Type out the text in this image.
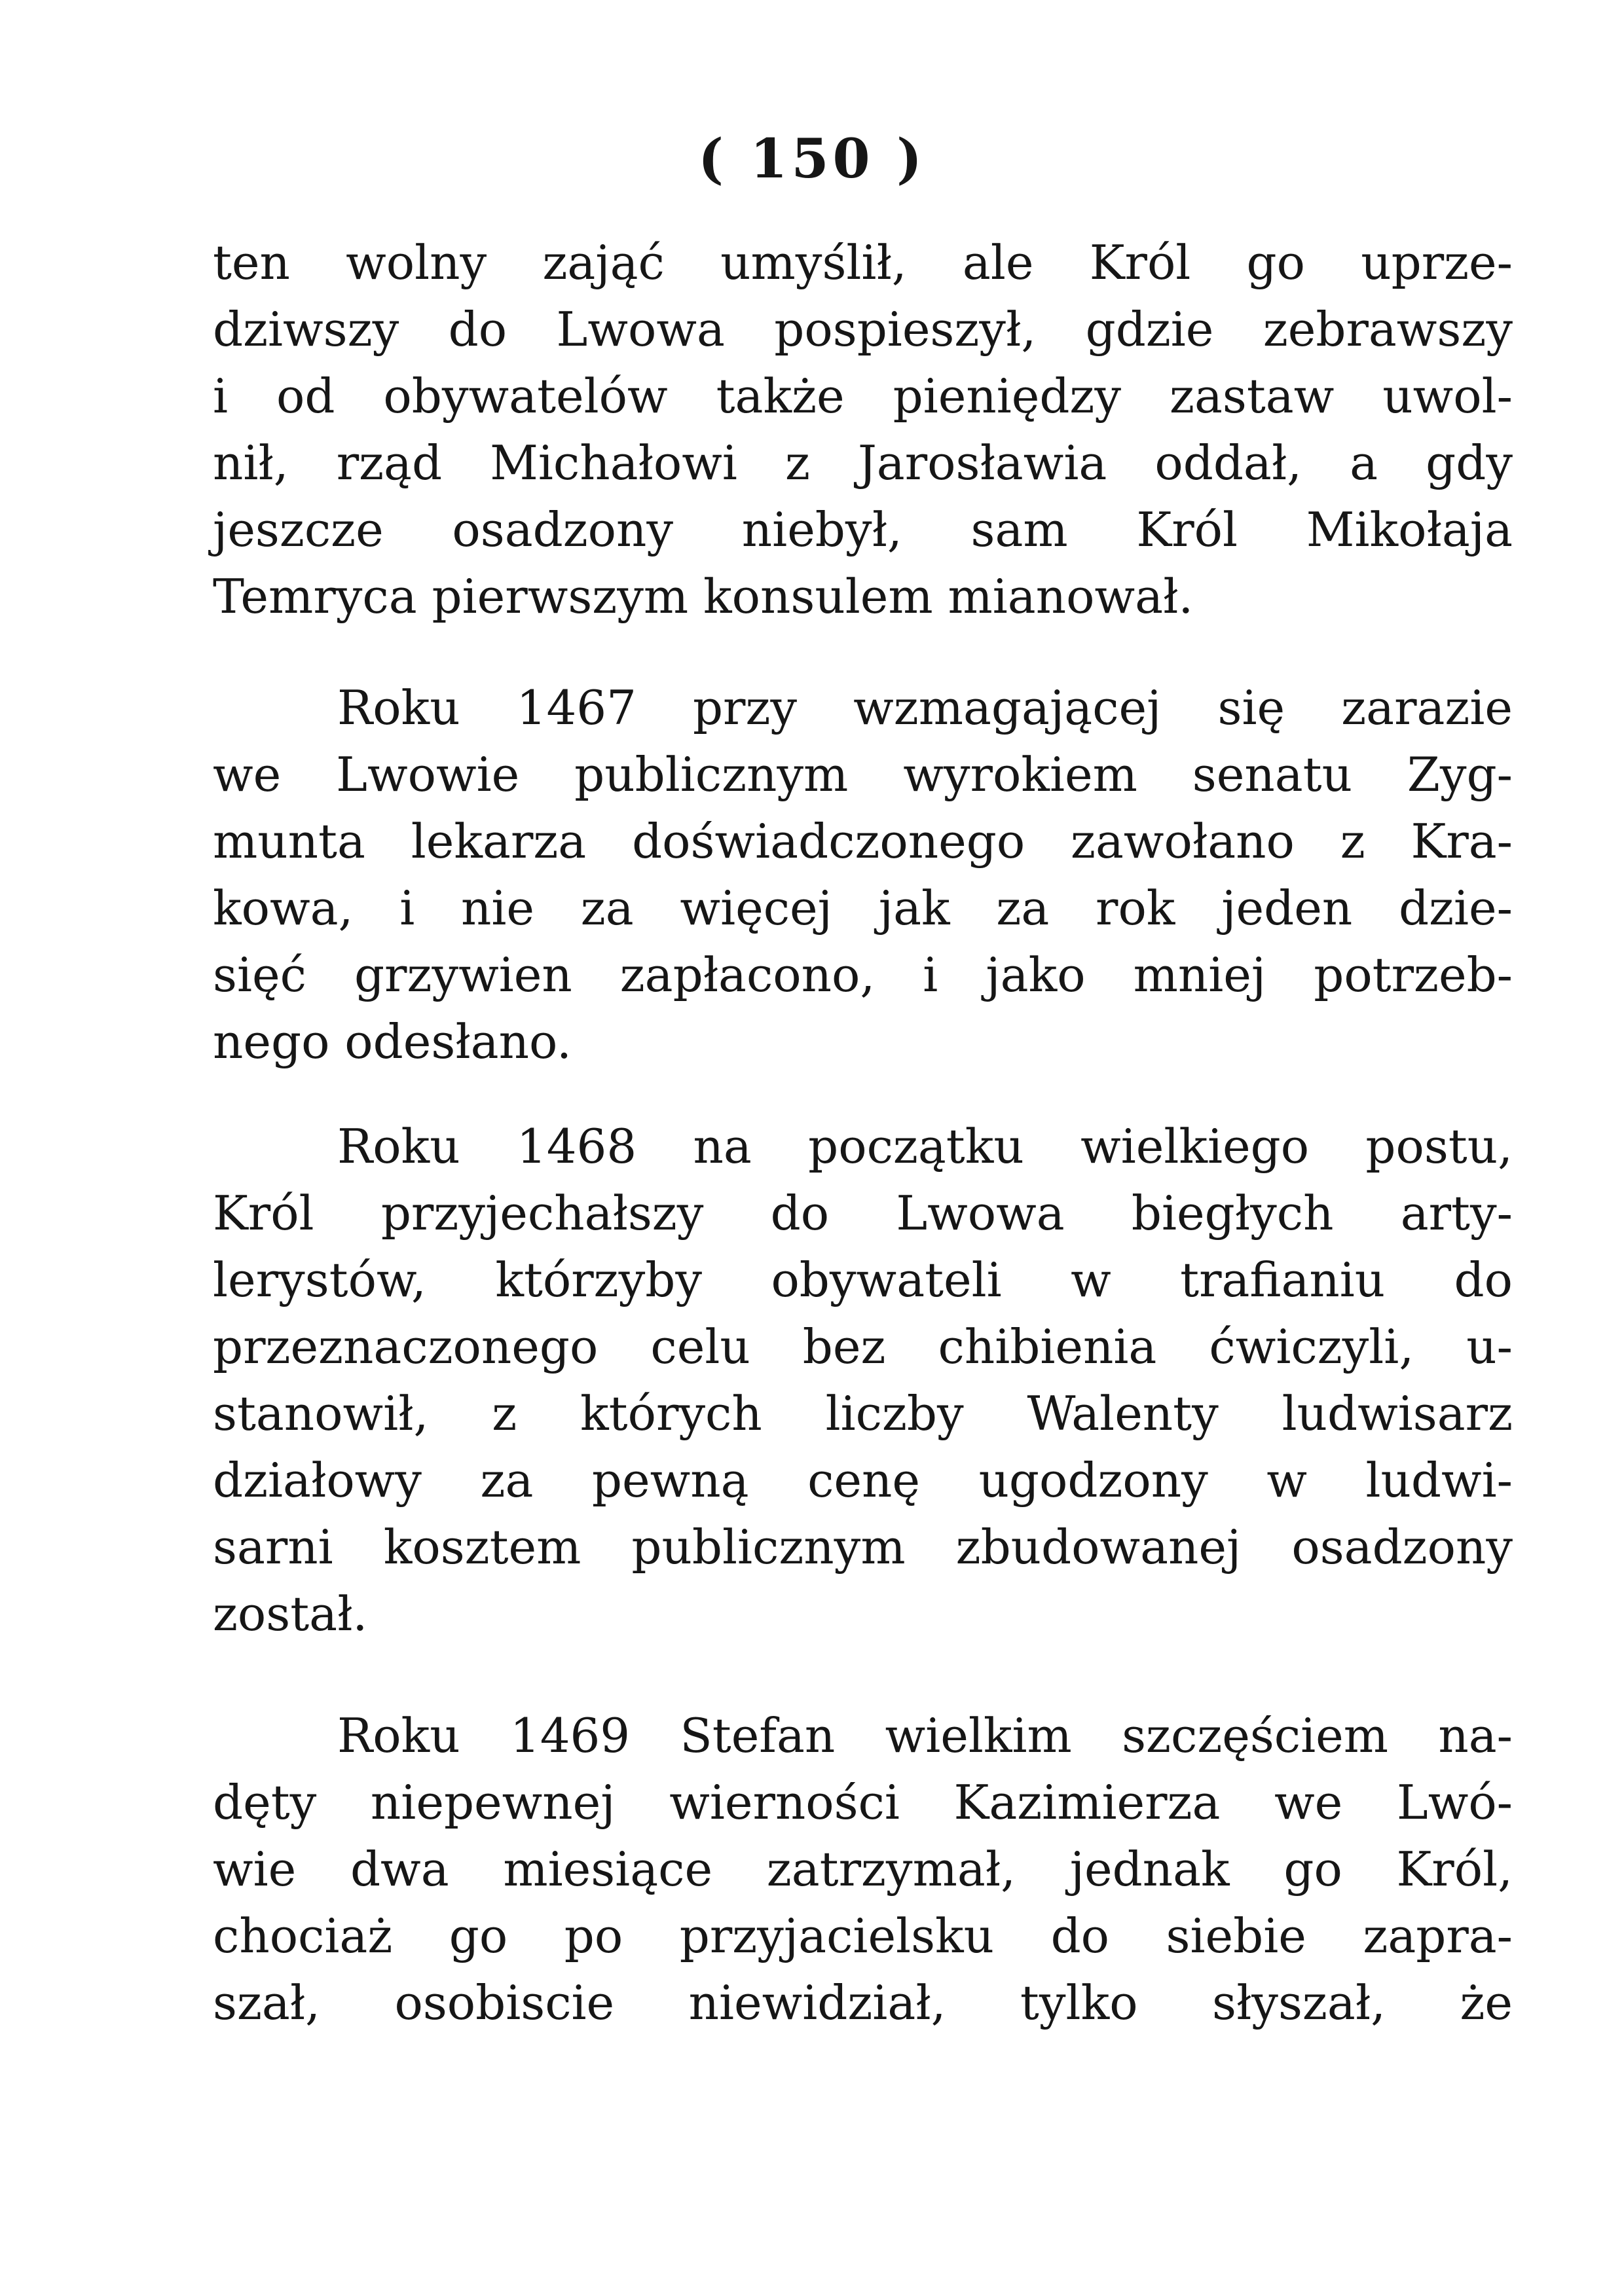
( 150 )
ten wolny zająć umyślił, ale Król go uprze-
dziwszy do Lwowa pospieszył, gdzie zebrawszy
i od obywatelów także pieniędzy zastaw uwol-
nił, rząd Michałowi z Jarosławia oddał, a gdy
jeszcze osadzony niebył, sam Król Mikołaja
Temryca pierwszym konsulem mianował.
Roku 1467 przy wzmagającej się zarazie
we Lwowie publicznym wyrokiem senatu Zyg-
munta lekarza doświadczonego zawołano z Kra-
kowa, i nie za więcej jak za rok jeden dzie-
sięć grzywien zapłacono, i jako mniej potrzeb-
nego odesłano.
Roku 1468 na początku wielkiego postu,
Król przyjechałszy do Lwowa biegłych arty-
lerystów, którzyby obywateli w trafianiu do
przeznaczonego celu bez chibienia ćwiczyli, u-
stanowił, z których liczby Walenty ludwisarz
działowy za pewną cenę ugodzony w ludwi-
sarni kosztem publicznym zbudowanej osadzony
został.
Roku 1469 Stefan wielkim szczęściem na-
dęty niepewnej wierności Kazimierza we Lwó-
wie dwa miesiące zatrzymał, jednak go Król,
chociaż go po przyjacielsku do siebie zapra-
szał, osobiscie niewidział, tylko słyszał, że
